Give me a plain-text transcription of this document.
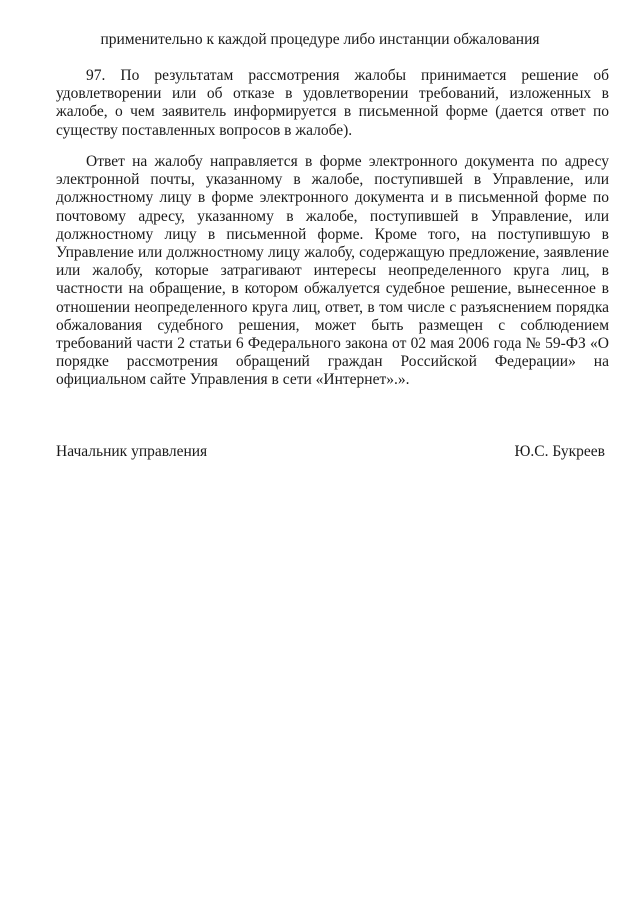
применительно к каждой процедуре либо инстанции обжалования

97. По результатам рассмотрения жалобы принимается решение об удовлетворении или об отказе в удовлетворении требований, изложенных в жалобе, о чем заявитель информируется в письменной форме (дается ответ по существу поставленных вопросов в жалобе).

Ответ на жалобу направляется в форме электронного документа по адресу электронной почты, указанному в жалобе, поступившей в Управление, или должностному лицу в форме электронного документа и в письменной форме по почтовому адресу, указанному в жалобе, поступившей в Управление, или должностному лицу в письменной форме. Кроме того, на поступившую в Управление или должностному лицу жалобу, содержащую предложение, заявление или жалобу, которые затрагивают интересы неопределенного круга лиц, в частности на обращение, в котором обжалуется судебное решение, вынесенное в отношении неопределенного круга лиц, ответ, в том числе с разъяснением порядка обжалования судебного решения, может быть размещен с соблюдением требований части 2 статьи 6 Федерального закона от 02 мая 2006 года № 59-ФЗ «О порядке рассмотрения обращений граждан Российской Федерации» на официальном сайте Управления в сети «Интернет».».

Начальник управления	Ю.С. Букреев
